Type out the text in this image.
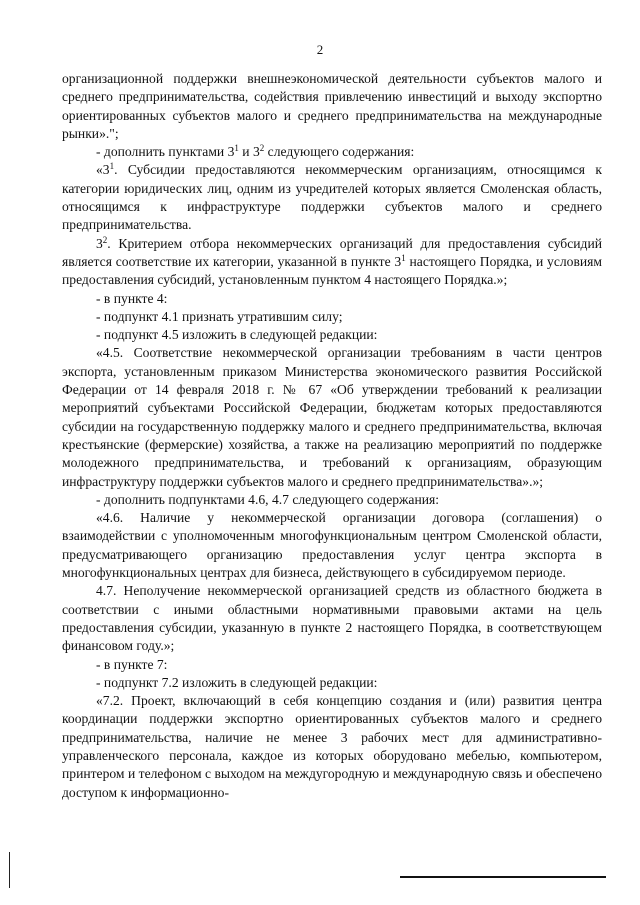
2

организационной поддержки внешнеэкономической деятельности субъектов малого и среднего предпринимательства, содействия привлечению инвестиций и выходу экспортно ориентированных субъектов малого и среднего предпринимательства на международные рынки».";

- дополнить пунктами $3^1$ и $3^2$ следующего содержания:

«$3^1$. Субсидии предоставляются некоммерческим организациям, относящимся к категории юридических лиц, одним из учредителей которых является Смоленская область, относящимся к инфраструктуре поддержки субъектов малого и среднего предпринимательства.

$3^2$. Критерием отбора некоммерческих организаций для предоставления субсидий является соответствие их категории, указанной в пункте $3^1$ настоящего Порядка, и условиям предоставления субсидий, установленным пунктом 4 настоящего Порядка.»;

- в пункте 4:

- подпункт 4.1 признать утратившим силу;

- подпункт 4.5 изложить в следующей редакции:

«4.5. Соответствие некоммерческой организации требованиям в части центров экспорта, установленным приказом Министерства экономического развития Российской Федерации от 14 февраля 2018 г. № 67 «Об утверждении требований к реализации мероприятий субъектами Российской Федерации, бюджетам которых предоставляются субсидии на государственную поддержку малого и среднего предпринимательства, включая крестьянские (фермерские) хозяйства, а также на реализацию мероприятий по поддержке молодежного предпринимательства, и требований к организациям, образующим инфраструктуру поддержки субъектов малого и среднего предпринимательства».»;

- дополнить подпунктами 4.6, 4.7 следующего содержания:

«4.6. Наличие у некоммерческой организации договора (соглашения) о взаимодействии с уполномоченным многофункциональным центром Смоленской области, предусматривающего организацию предоставления услуг центра экспорта в многофункциональных центрах для бизнеса, действующего в субсидируемом периоде.

4.7. Неполучение некоммерческой организацией средств из областного бюджета в соответствии с иными областными нормативными правовыми актами на цель предоставления субсидии, указанную в пункте 2 настоящего Порядка, в соответствующем финансовом году.»;

- в пункте 7:

- подпункт 7.2 изложить в следующей редакции:

«7.2. Проект, включающий в себя концепцию создания и (или) развития центра координации поддержки экспортно ориентированных субъектов малого и среднего предпринимательства, наличие не менее 3 рабочих мест для административно-управленческого персонала, каждое из которых оборудовано мебелью, компьютером, принтером и телефоном с выходом на междугородную и международную связь и обеспечено доступом к информационно-
